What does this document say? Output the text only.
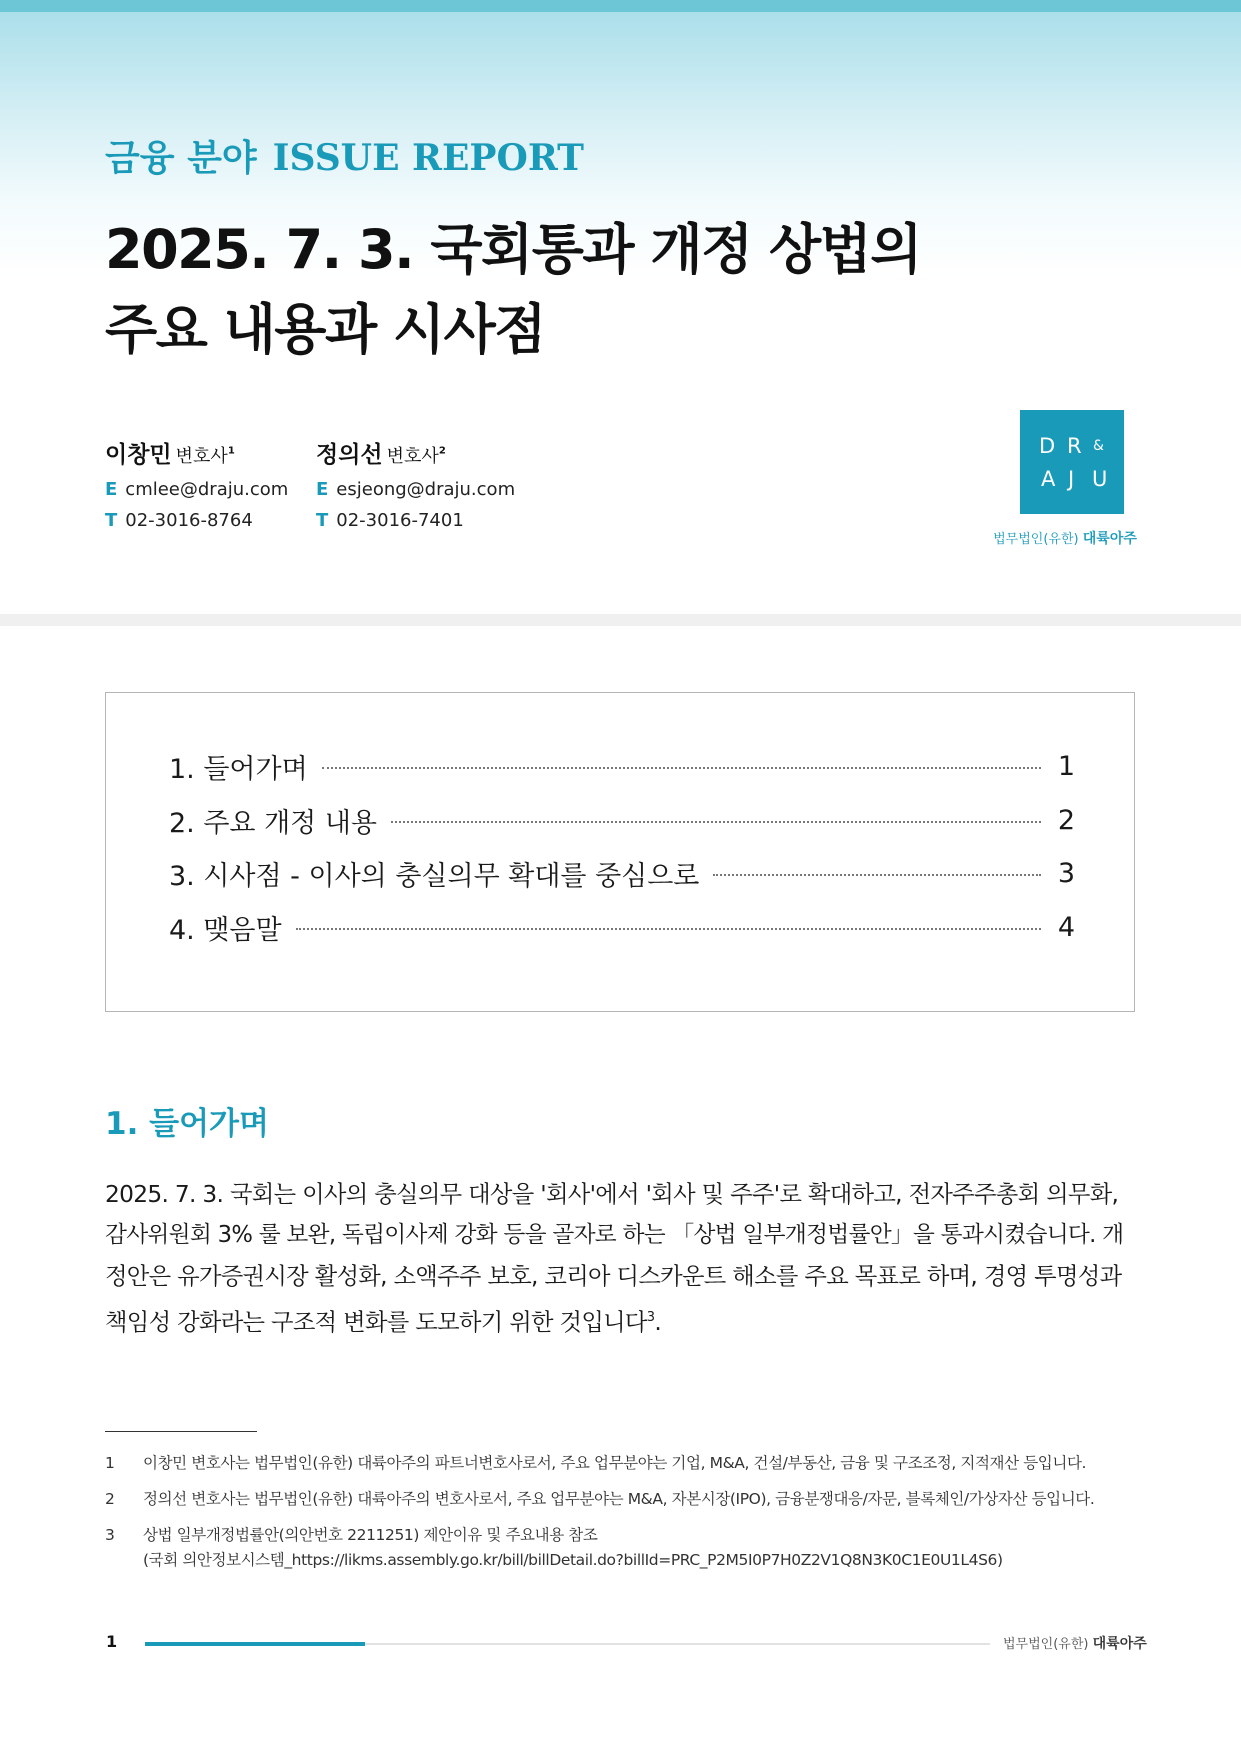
금융 분야 ISSUE REPORT
2025. 7. 3. 국회통과 개정 상법의
주요 내용과 시사점
이창민 변호사$^1$
E cmlee@draju.com
T 02-3016-8764
정의선 변호사$^2$
E esjeong@draju.com
T 02-3016-7401
D R &
A J U
법무법인(유한) 대륙아주
1. 들어가며	1
2. 주요 개정 내용	2
3. 시사점 - 이사의 충실의무 확대를 중심으로	3
4. 맺음말	4
1. 들어가며

2025. 7. 3. 국회는 이사의 충실의무 대상을 '회사'에서 '회사 및 주주'로 확대하고, 전자주주총회 의무화,

감사위원회 3% 룰 보완, 독립이사제 강화 등을 골자로 하는 「상법 일부개정법률안」을 통과시켰습니다. 개

정안은 유가증권시장 활성화, 소액주주 보호, 코리아 디스카운트 해소를 주요 목표로 하며, 경영 투명성과

책임성 강화라는 구조적 변화를 도모하기 위한 것입니다$^3$.

1	이창민 변호사는 법무법인(유한) 대륙아주의 파트너변호사로서, 주요 업무분야는 기업, M&A, 건설/부동산, 금융 및 구조조정, 지적재산 등입니다.
2	정의선 변호사는 법무법인(유한) 대륙아주의 변호사로서, 주요 업무분야는 M&A, 자본시장(IPO), 금융분쟁대응/자문, 블록체인/가상자산 등입니다.
3	상법 일부개정법률안(의안번호 2211251) 제안이유 및 주요내용 참조
(국회 의안정보시스템_https://likms.assembly.go.kr/bill/billDetail.do?billId=PRC_P2M5I0P7H0Z2V1Q8N3K0C1E0U1L4S6)
1	법무법인(유한) 대륙아주
